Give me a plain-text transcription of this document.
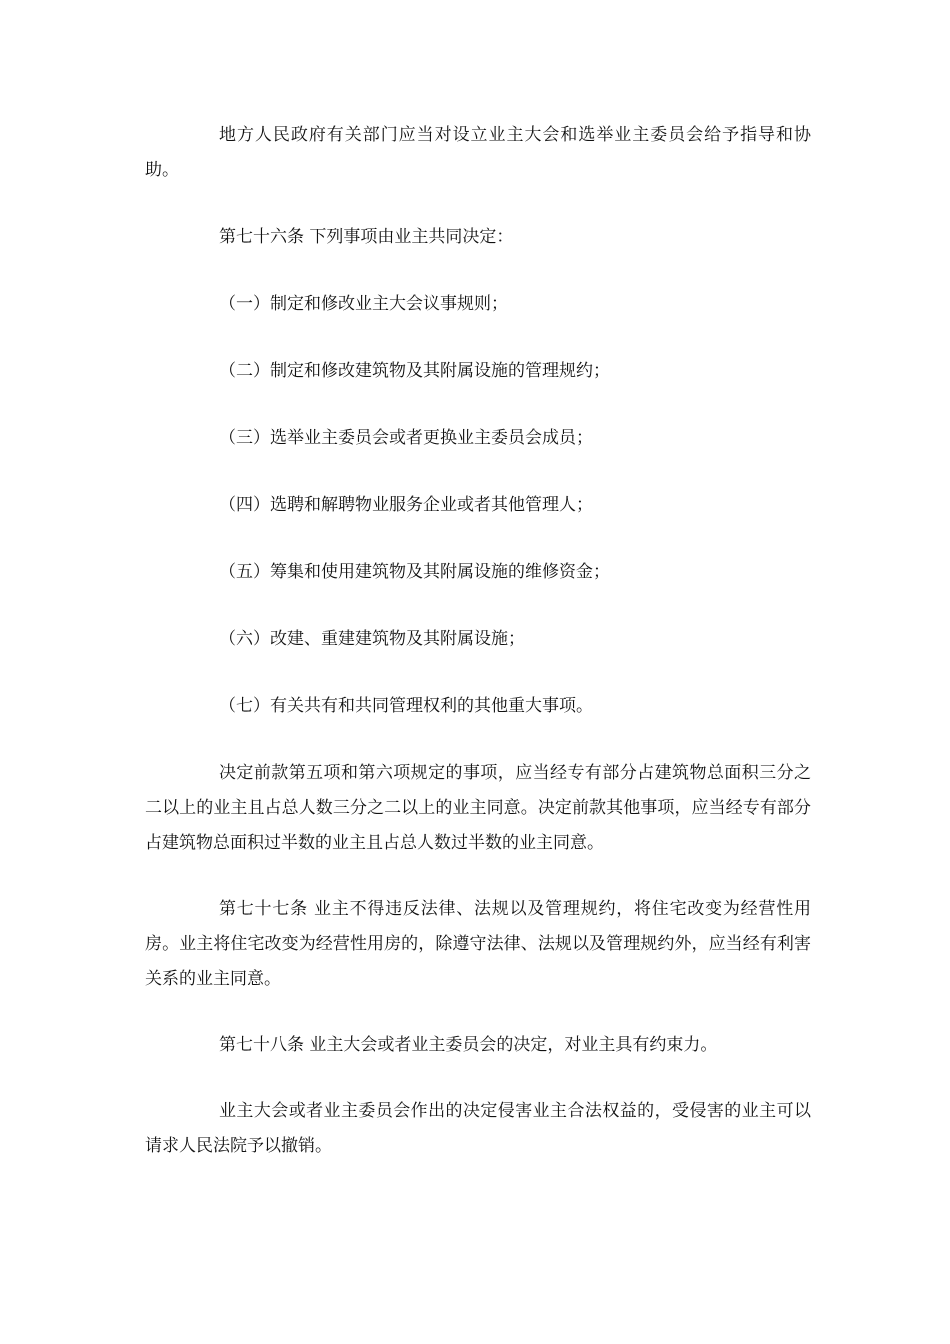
地方人民政府有关部门应当对设立业主大会和选举业主委员会给予指导和协助。

第七十六条 下列事项由业主共同决定：

（一）制定和修改业主大会议事规则；

（二）制定和修改建筑物及其附属设施的管理规约；

（三）选举业主委员会或者更换业主委员会成员；

（四）选聘和解聘物业服务企业或者其他管理人；

（五）筹集和使用建筑物及其附属设施的维修资金；

（六）改建、重建建筑物及其附属设施；

（七）有关共有和共同管理权利的其他重大事项。

决定前款第五项和第六项规定的事项，应当经专有部分占建筑物总面积三分之二以上的业主且占总人数三分之二以上的业主同意。决定前款其他事项，应当经专有部分占建筑物总面积过半数的业主且占总人数过半数的业主同意。

第七十七条 业主不得违反法律、法规以及管理规约，将住宅改变为经营性用房。业主将住宅改变为经营性用房的，除遵守法律、法规以及管理规约外，应当经有利害关系的业主同意。

第七十八条 业主大会或者业主委员会的决定，对业主具有约束力。

业主大会或者业主委员会作出的决定侵害业主合法权益的，受侵害的业主可以请求人民法院予以撤销。
